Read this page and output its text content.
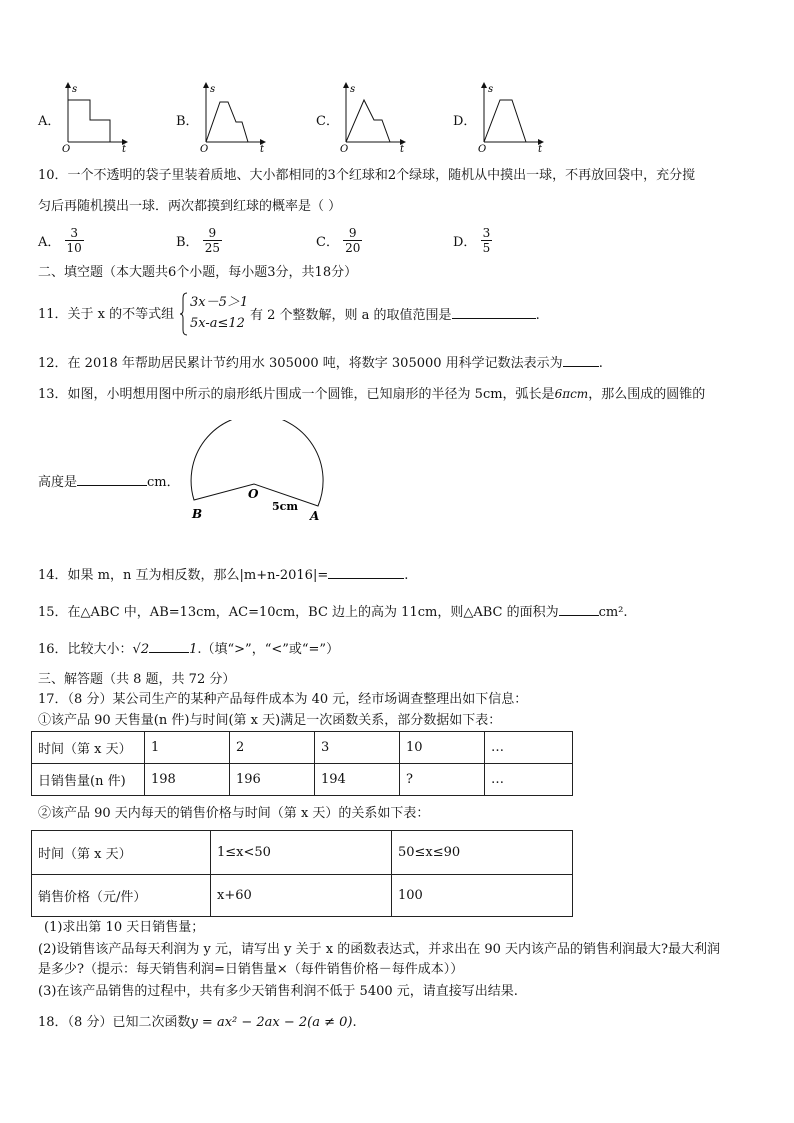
A．
s
t
O
B．
s
t
O
C．
s
t
O
D．
s
t
O
10．一个不透明的袋子里装着质地、大小都相同的3个红球和2个绿球，随机从中摸出一球，不再放回袋中，充分搅
匀后再随机摸出一球．两次都摸到红球的概率是（ ）
A． $\frac{3}{10}$	B． $\frac{9}{25}$	C． $\frac{9}{20}$	D． $\frac{3}{5}$
二、填空题（本大题共6个小题，每小题3分，共18分）
11．关于 x 的不等式组
3x－5＞1
5x-a≤12
有 2 个整数解，则 a 的取值范围是	.
12．在 2018 年帮助居民累计节约用水 305000 吨，将数字 305000 用科学记数法表示为	.
13．如图，小明想用图中所示的扇形纸片围成一个圆锥，已知扇形的半径为 5cm，弧长是6πcm，那么围成的圆锥的
高度是	cm．
O
B	A
5cm
14．如果 m，n 互为相反数，那么|m+n-2016|=	.
15．在△ABC 中，AB=13cm，AC=10cm，BC 边上的高为 11cm，则△ABC 的面积为	cm².
16．比较大小：√2	1.（填“>”，“<”或“=”）
三、解答题（共 8 题，共 72 分）
17．（8 分）某公司生产的某种产品每件成本为 40 元，经市场调查整理出如下信息：
①该产品 90 天售量(n 件)与时间(第 x 天)满足一次函数关系，部分数据如下表：
时间（第 x 天）	1	2	3	10	…
日销售量(n 件)	198	196	194	?	…
②该产品 90 天内每天的销售价格与时间（第 x 天）的关系如下表：
时间（第 x 天）	1≤x<50	50≤x≤90
销售价格（元/件）	x+60	100
(1)求出第 10 天日销售量；
(2)设销售该产品每天利润为 y 元，请写出 y 关于 x 的函数表达式，并求出在 90 天内该产品的销售利润最大?最大利润
是多少?（提示：每天销售利润=日销售量×（每件销售价格－每件成本））
(3)在该产品销售的过程中，共有多少天销售利润不低于 5400 元，请直接写出结果.
18．（8 分）已知二次函数y = ax² − 2ax − 2(a ≠ 0).
